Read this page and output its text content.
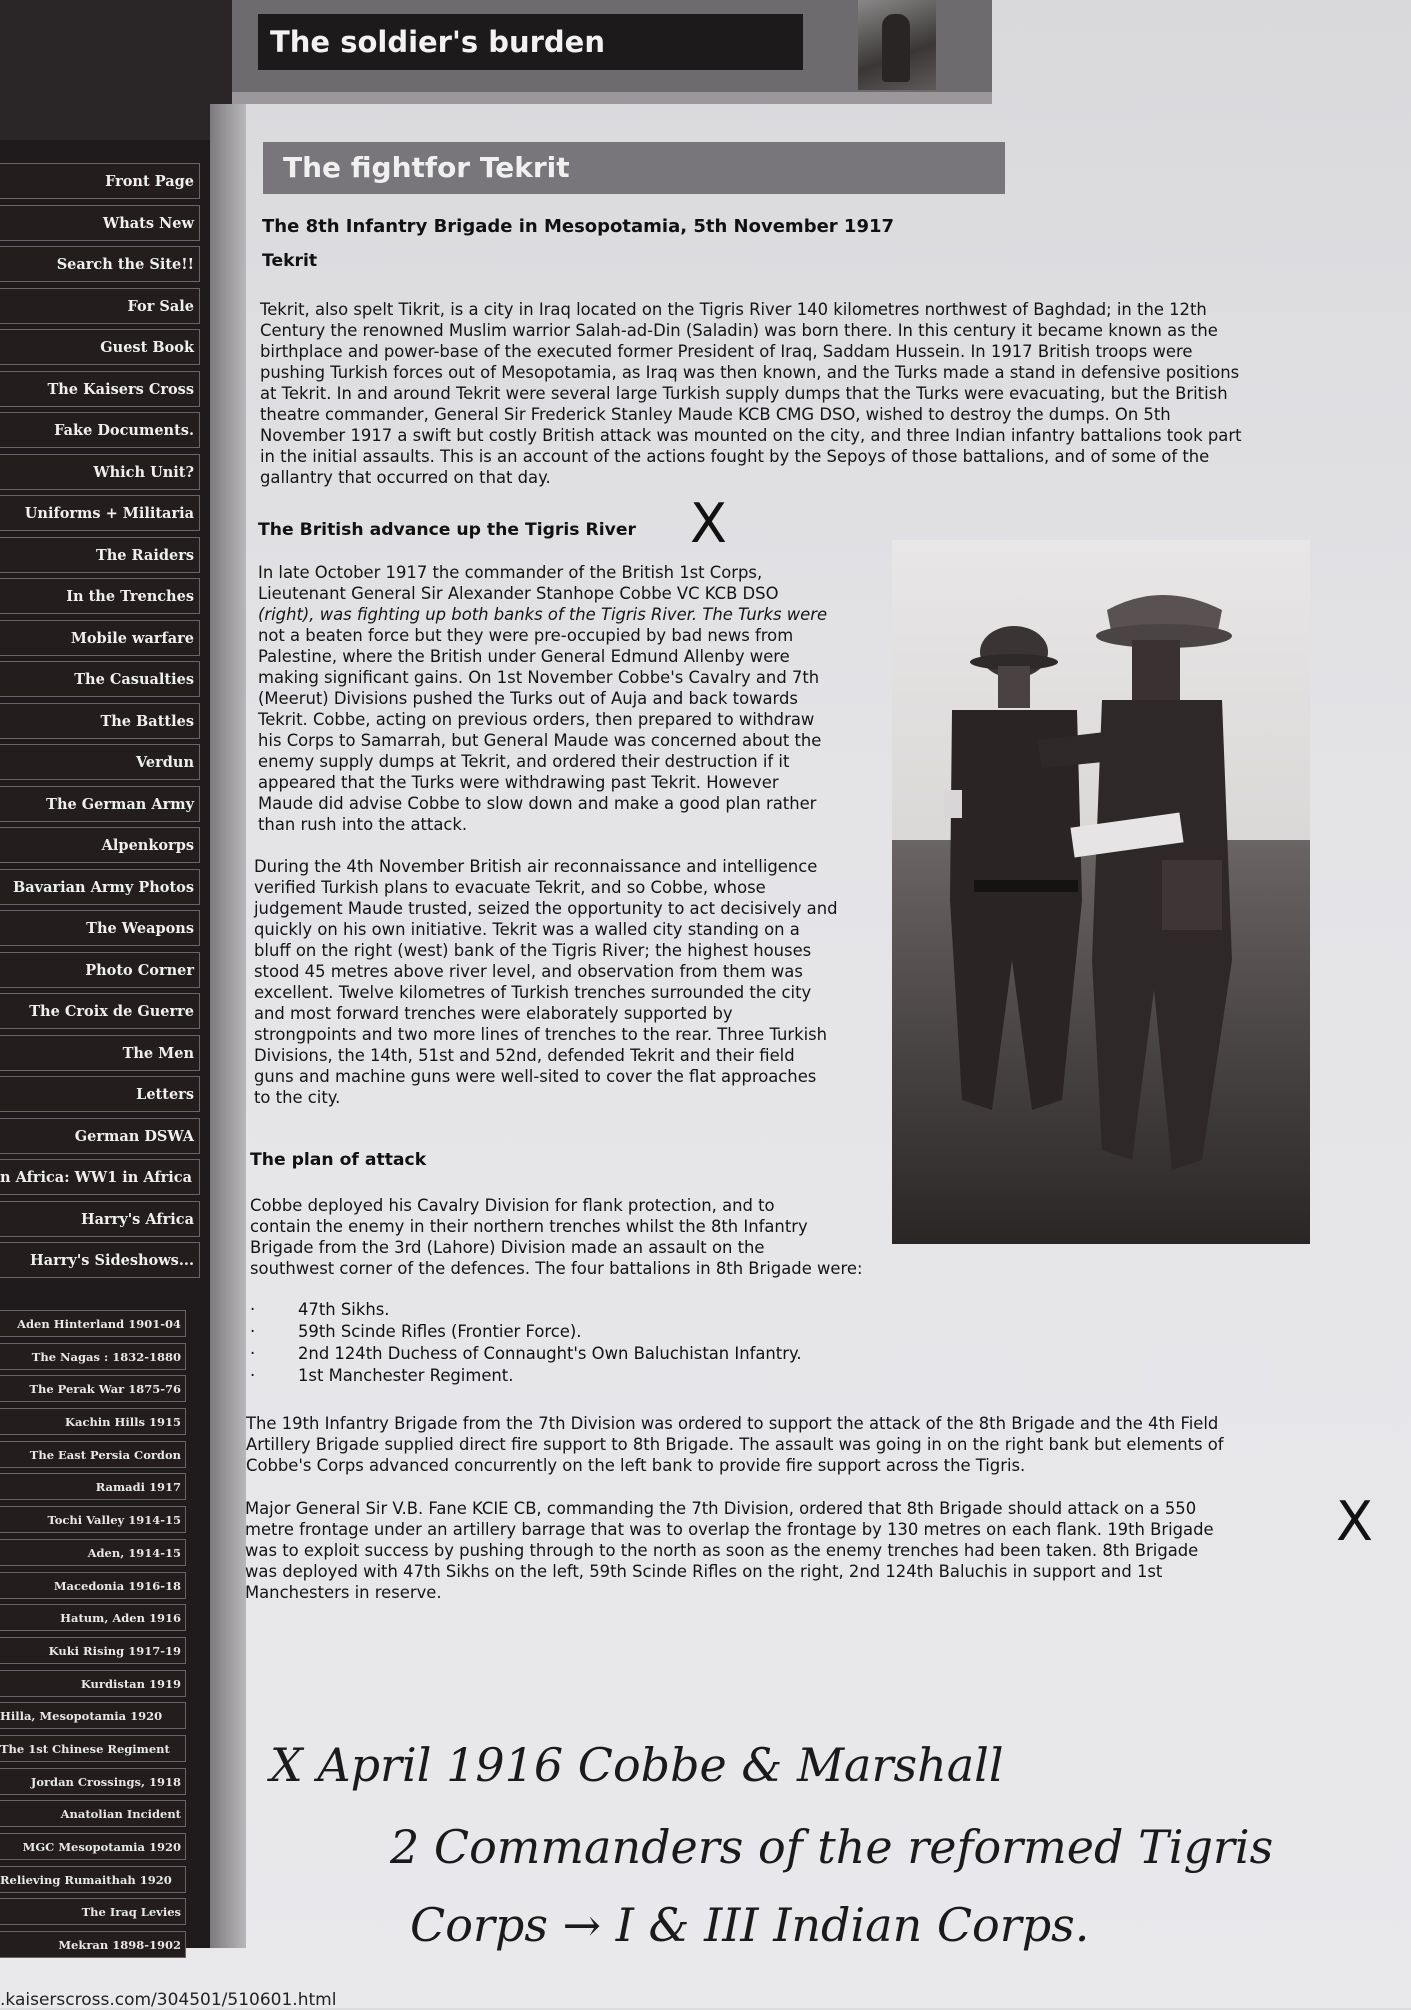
The soldier's burden
Front Page
Whats New
Search the Site!!
For Sale
Guest Book
The Kaisers Cross
Fake Documents.
Which Unit?
Uniforms + Militaria
The Raiders
In the Trenches
Mobile warfare
The Casualties
The Battles
Verdun
The German Army
Alpenkorps
Bavarian Army Photos
The Weapons
Photo Corner
The Croix de Guerre
The Men
Letters
German DSWA
n Africa: WW1 in Africa
Harry's Africa
Harry's Sideshows...
Aden Hinterland 1901-04
The Nagas : 1832-1880
The Perak War 1875-76
Kachin Hills 1915
The East Persia Cordon
Ramadi 1917
Tochi Valley 1914-15
Aden, 1914-15
Macedonia 1916-18
Hatum, Aden 1916
Kuki Rising 1917-19
Kurdistan 1919
Hilla, Mesopotamia 1920
The 1st Chinese Regiment
Jordan Crossings, 1918
Anatolian Incident
MGC Mesopotamia 1920
Relieving Rumaithah 1920
The Iraq Levies
Mekran 1898-1902
The fightfor Tekrit
The 8th Infantry Brigade in Mesopotamia, 5th November 1917
Tekrit
Tekrit, also spelt Tikrit, is a city in Iraq located on the Tigris River 140 kilometres northwest of Baghdad; in the 12th
Century the renowned Muslim warrior Salah-ad-Din (Saladin) was born there. In this century it became known as the
birthplace and power-base of the executed former President of Iraq, Saddam Hussein. In 1917 British troops were
pushing Turkish forces out of Mesopotamia, as Iraq was then known, and the Turks made a stand in defensive positions
at Tekrit. In and around Tekrit were several large Turkish supply dumps that the Turks were evacuating, but the British
theatre commander, General Sir Frederick Stanley Maude KCB CMG DSO, wished to destroy the dumps. On 5th
November 1917 a swift but costly British attack was mounted on the city, and three Indian infantry battalions took part
in the initial assaults. This is an account of the actions fought by the Sepoys of those battalions, and of some of the
gallantry that occurred on that day.
The British advance up the Tigris River X
In late October 1917 the commander of the British 1st Corps,
Lieutenant General Sir Alexander Stanhope Cobbe VC KCB DSO
(right), was fighting up both banks of the Tigris River. The Turks were
not a beaten force but they were pre-occupied by bad news from
Palestine, where the British under General Edmund Allenby were
making significant gains. On 1st November Cobbe's Cavalry and 7th
(Meerut) Divisions pushed the Turks out of Auja and back towards
Tekrit. Cobbe, acting on previous orders, then prepared to withdraw
his Corps to Samarrah, but General Maude was concerned about the
enemy supply dumps at Tekrit, and ordered their destruction if it
appeared that the Turks were withdrawing past Tekrit. However
Maude did advise Cobbe to slow down and make a good plan rather
than rush into the attack.
During the 4th November British air reconnaissance and intelligence
verified Turkish plans to evacuate Tekrit, and so Cobbe, whose
judgement Maude trusted, seized the opportunity to act decisively and
quickly on his own initiative. Tekrit was a walled city standing on a
bluff on the right (west) bank of the Tigris River; the highest houses
stood 45 metres above river level, and observation from them was
excellent. Twelve kilometres of Turkish trenches surrounded the city
and most forward trenches were elaborately supported by
strongpoints and two more lines of trenches to the rear. Three Turkish
Divisions, the 14th, 51st and 52nd, defended Tekrit and their field
guns and machine guns were well-sited to cover the flat approaches
to the city.
The plan of attack
Cobbe deployed his Cavalry Division for flank protection, and to
contain the enemy in their northern trenches whilst the 8th Infantry
Brigade from the 3rd (Lahore) Division made an assault on the
southwest corner of the defences. The four battalions in 8th Brigade were:
·	47th Sikhs.
·	59th Scinde Rifles (Frontier Force).
·	2nd 124th Duchess of Connaught's Own Baluchistan Infantry.
·	1st Manchester Regiment.
The 19th Infantry Brigade from the 7th Division was ordered to support the attack of the 8th Brigade and the 4th Field
Artillery Brigade supplied direct fire support to 8th Brigade. The assault was going in on the right bank but elements of
Cobbe's Corps advanced concurrently on the left bank to provide fire support across the Tigris.
Major General Sir V.B. Fane KCIE CB, commanding the 7th Division, ordered that 8th Brigade should attack on a 550
metre frontage under an artillery barrage that was to overlap the frontage by 130 metres on each flank. 19th Brigade
was to exploit success by pushing through to the north as soon as the enemy trenches had been taken. 8th Brigade
was deployed with 47th Sikhs on the left, 59th Scinde Rifles on the right, 2nd 124th Baluchis in support and 1st
Manchesters in reserve.
X
X April 1916 Cobbe & Marshall
2 Commanders of the reformed Tigris
Corps → I & III Indian Corps.
.kaiserscross.com/304501/510601.html
